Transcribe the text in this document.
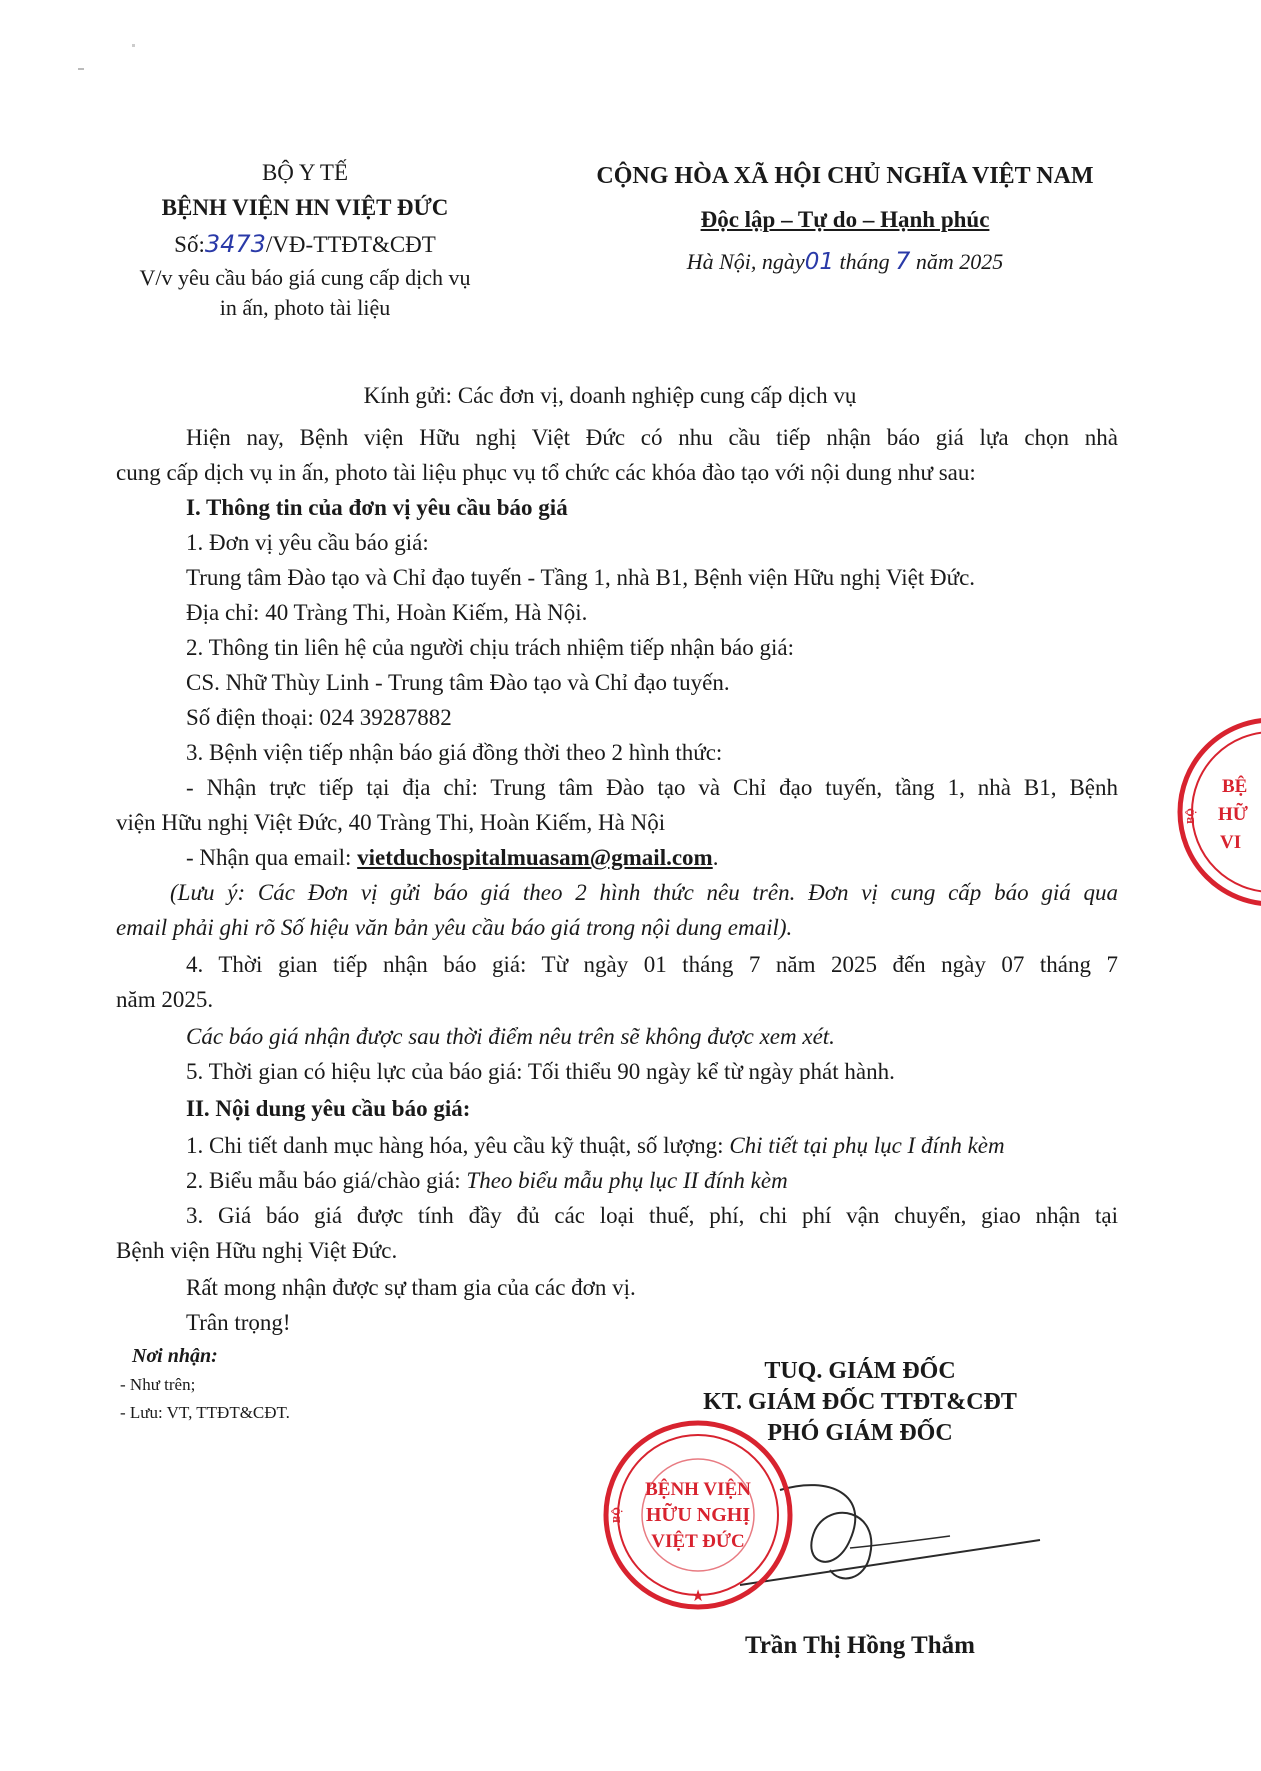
BỘ Y TẾ
BỆNH VIỆN HN VIỆT ĐỨC
Số:3473/VĐ-TTĐT&CĐT
V/v yêu cầu báo giá cung cấp dịch vụ
in ấn, photo tài liệu
CỘNG HÒA XÃ HỘI CHỦ NGHĨA VIỆT NAM
Độc lập – Tự do – Hạnh phúc
Hà Nội, ngày01 tháng 7 năm 2025
Kính gửi: Các đơn vị, doanh nghiệp cung cấp dịch vụ
Hiện nay, Bệnh viện Hữu nghị Việt Đức có nhu cầu tiếp nhận báo giá lựa chọn nhà
cung cấp dịch vụ in ấn, photo tài liệu phục vụ tổ chức các khóa đào tạo với nội dung như sau:
I. Thông tin của đơn vị yêu cầu báo giá
1. Đơn vị yêu cầu báo giá:
Trung tâm Đào tạo và Chỉ đạo tuyến - Tầng 1, nhà B1, Bệnh viện Hữu nghị Việt Đức.
Địa chỉ: 40 Tràng Thi, Hoàn Kiếm, Hà Nội.
2. Thông tin liên hệ của người chịu trách nhiệm tiếp nhận báo giá:
CS. Nhữ Thùy Linh - Trung tâm Đào tạo và Chỉ đạo tuyến.
Số điện thoại: 024 39287882
3. Bệnh viện tiếp nhận báo giá đồng thời theo 2 hình thức:
- Nhận trực tiếp tại địa chỉ: Trung tâm Đào tạo và Chỉ đạo tuyến, tầng 1, nhà B1, Bệnh
viện Hữu nghị Việt Đức, 40 Tràng Thi, Hoàn Kiếm, Hà Nội
- Nhận qua email: vietduchospitalmuasam@gmail.com.
(Lưu ý: Các Đơn vị gửi báo giá theo 2 hình thức nêu trên. Đơn vị cung cấp báo giá qua
email phải ghi rõ Số hiệu văn bản yêu cầu báo giá trong nội dung email).
4. Thời gian tiếp nhận báo giá: Từ ngày 01 tháng 7 năm 2025 đến ngày 07 tháng 7
năm 2025.
Các báo giá nhận được sau thời điểm nêu trên sẽ không được xem xét.
5. Thời gian có hiệu lực của báo giá: Tối thiểu 90 ngày kể từ ngày phát hành.
II. Nội dung yêu cầu báo giá:
1. Chi tiết danh mục hàng hóa, yêu cầu kỹ thuật, số lượng: Chi tiết tại phụ lục I đính kèm
2. Biểu mẫu báo giá/chào giá: Theo biểu mẫu phụ lục II đính kèm
3. Giá báo giá được tính đầy đủ các loại thuế, phí, chi phí vận chuyển, giao nhận tại
Bệnh viện Hữu nghị Việt Đức.
Rất mong nhận được sự tham gia của các đơn vị.
Trân trọng!
Nơi nhận:
- Như trên;
- Lưu: VT, TTĐT&CĐT.
TUQ. GIÁM ĐỐC
KT. GIÁM ĐỐC TTĐT&CĐT
PHÓ GIÁM ĐỐC
BỆNH VIỆN
HỮU NGHỊ
VIỆT ĐỨC
BỘ
★
Trần Thị Hồng Thắm
BỆ
HỮ
VI
BỘ
